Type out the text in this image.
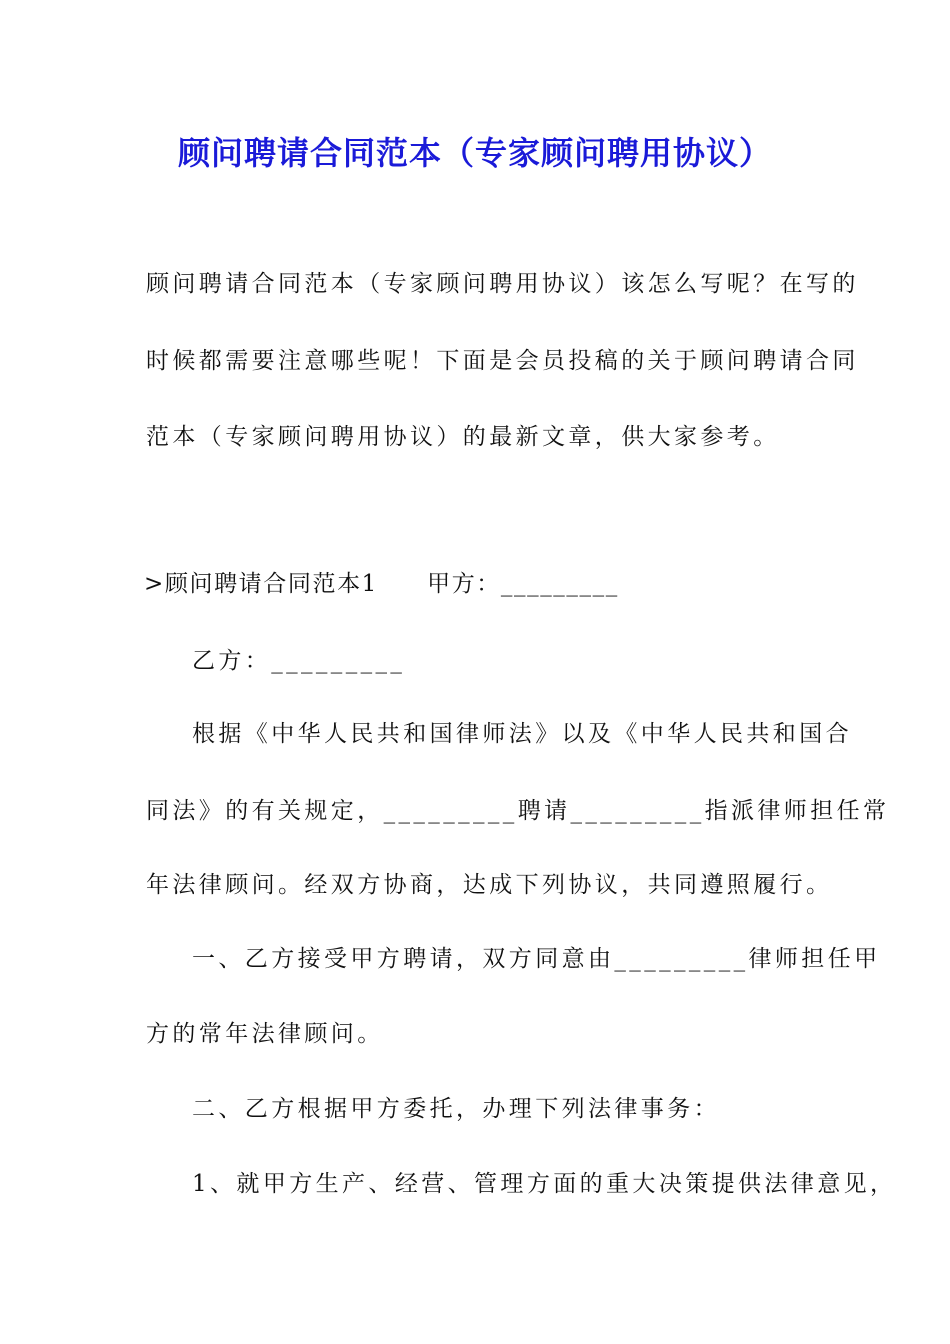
顾问聘请合同范本（专家顾问聘用协议）
顾问聘请合同范本（专家顾问聘用协议）该怎么写呢？在写的
时候都需要注意哪些呢！下面是会员投稿的关于顾问聘请合同
范本（专家顾问聘用协议）的最新文章，供大家参考。
>顾问聘请合同范本1　　甲方：_________
乙方：_________
根据《中华人民共和国律师法》以及《中华人民共和国合
同法》的有关规定，_________聘请_________指派律师担任常
年法律顾问。经双方协商，达成下列协议，共同遵照履行。
一、乙方接受甲方聘请，双方同意由_________律师担任甲
方的常年法律顾问。
二、乙方根据甲方委托，办理下列法律事务：
1、就甲方生产、经营、管理方面的重大决策提供法律意见，
